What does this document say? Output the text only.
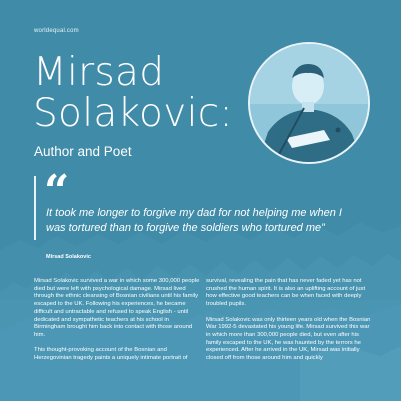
worldequal.com
Mirsad
Solakovic:
Author and Poet
“

It took me longer to forgive my dad for not helping me when I was tortured than to forgive the soldiers who tortured me”

Mirsad Solakovic

Mirsad Solakovic survived a war in which some 300,000 people died but were left with psychological damage. Mirsad lived through the ethnic cleansing of Bosnian civilians until his family escaped to the UK. Following his experiences, he became difficult and untractable and refused to speak English - until dedicated and sympathetic teachers at his school in Birmingham brought him back into contact with those around him.

This thought-provoking account of the Bosnian and Herzegovinian tragedy paints a uniquely intimate portrait of

survival, revealing the pain that has never faded yet has not crushed the human spirit. It is also an uplifting account of just how effective good teachers can be when faced with deeply troubled pupils.

Mirsad Solakovic was only thirteen years old when the Bosnian War 1992-5 devastated his young life. Mirsad survived this war in which more than 300,000 people died, but even after his family escaped to the UK, he was haunted by the terrors he experienced. After he arrived in the UK, Mirsad was initially closed off from those around him and quickly
